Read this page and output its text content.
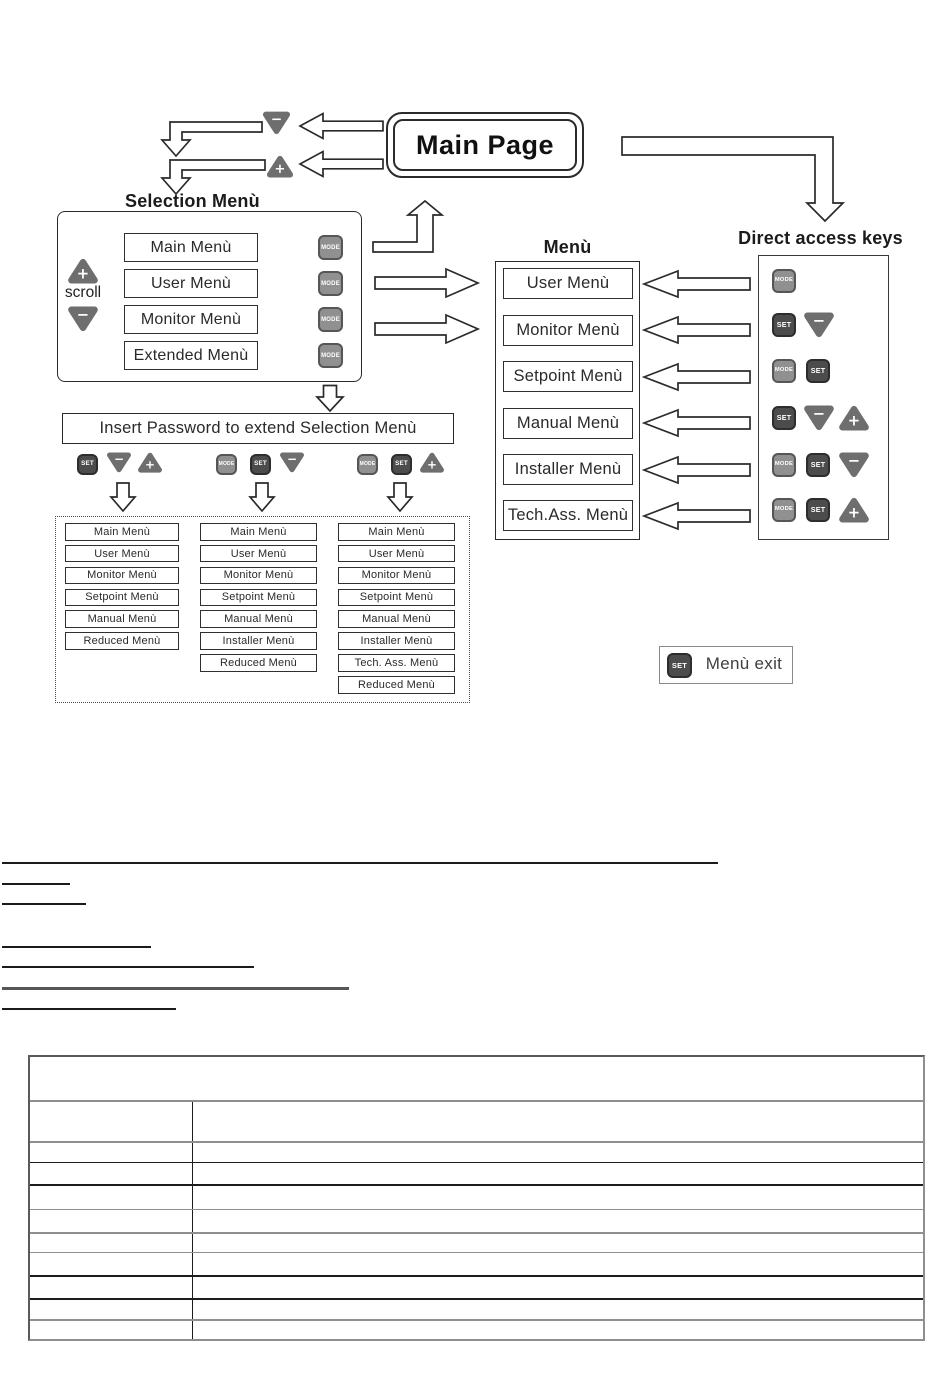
Main Page
Selection Menù
scroll
Insert Password to extend Selection Menù
Menù	Direct access keys
Menù exit
−
+
+
−
Main Menù	MODE
User Menù	MODE
Monitor Menù	MODE
Extended Menù	MODE
User Menù
Monitor Menù
Setpoint Menù
Manual Menù
Installer Menù
Tech.Ass. Menù
MODE
SET	−
MODE	SET
SET	− +
MODE	SET	−
MODE	SET	+
SET − +	MODE	SET −	MODE	SET +
Main Menù
User Menù
Monitor Menù
Setpoint Menù
Manual Menù
Reduced Menù
Main Menù
User Menù
Monitor Menù
Setpoint Menù
Manual Menù
Installer Menù
Reduced Menù
Main Menù
User Menù
Monitor Menù
Setpoint Menù
Manual Menù
Installer Menù
Tech. Ass. Menù
Reduced Menù
SET
